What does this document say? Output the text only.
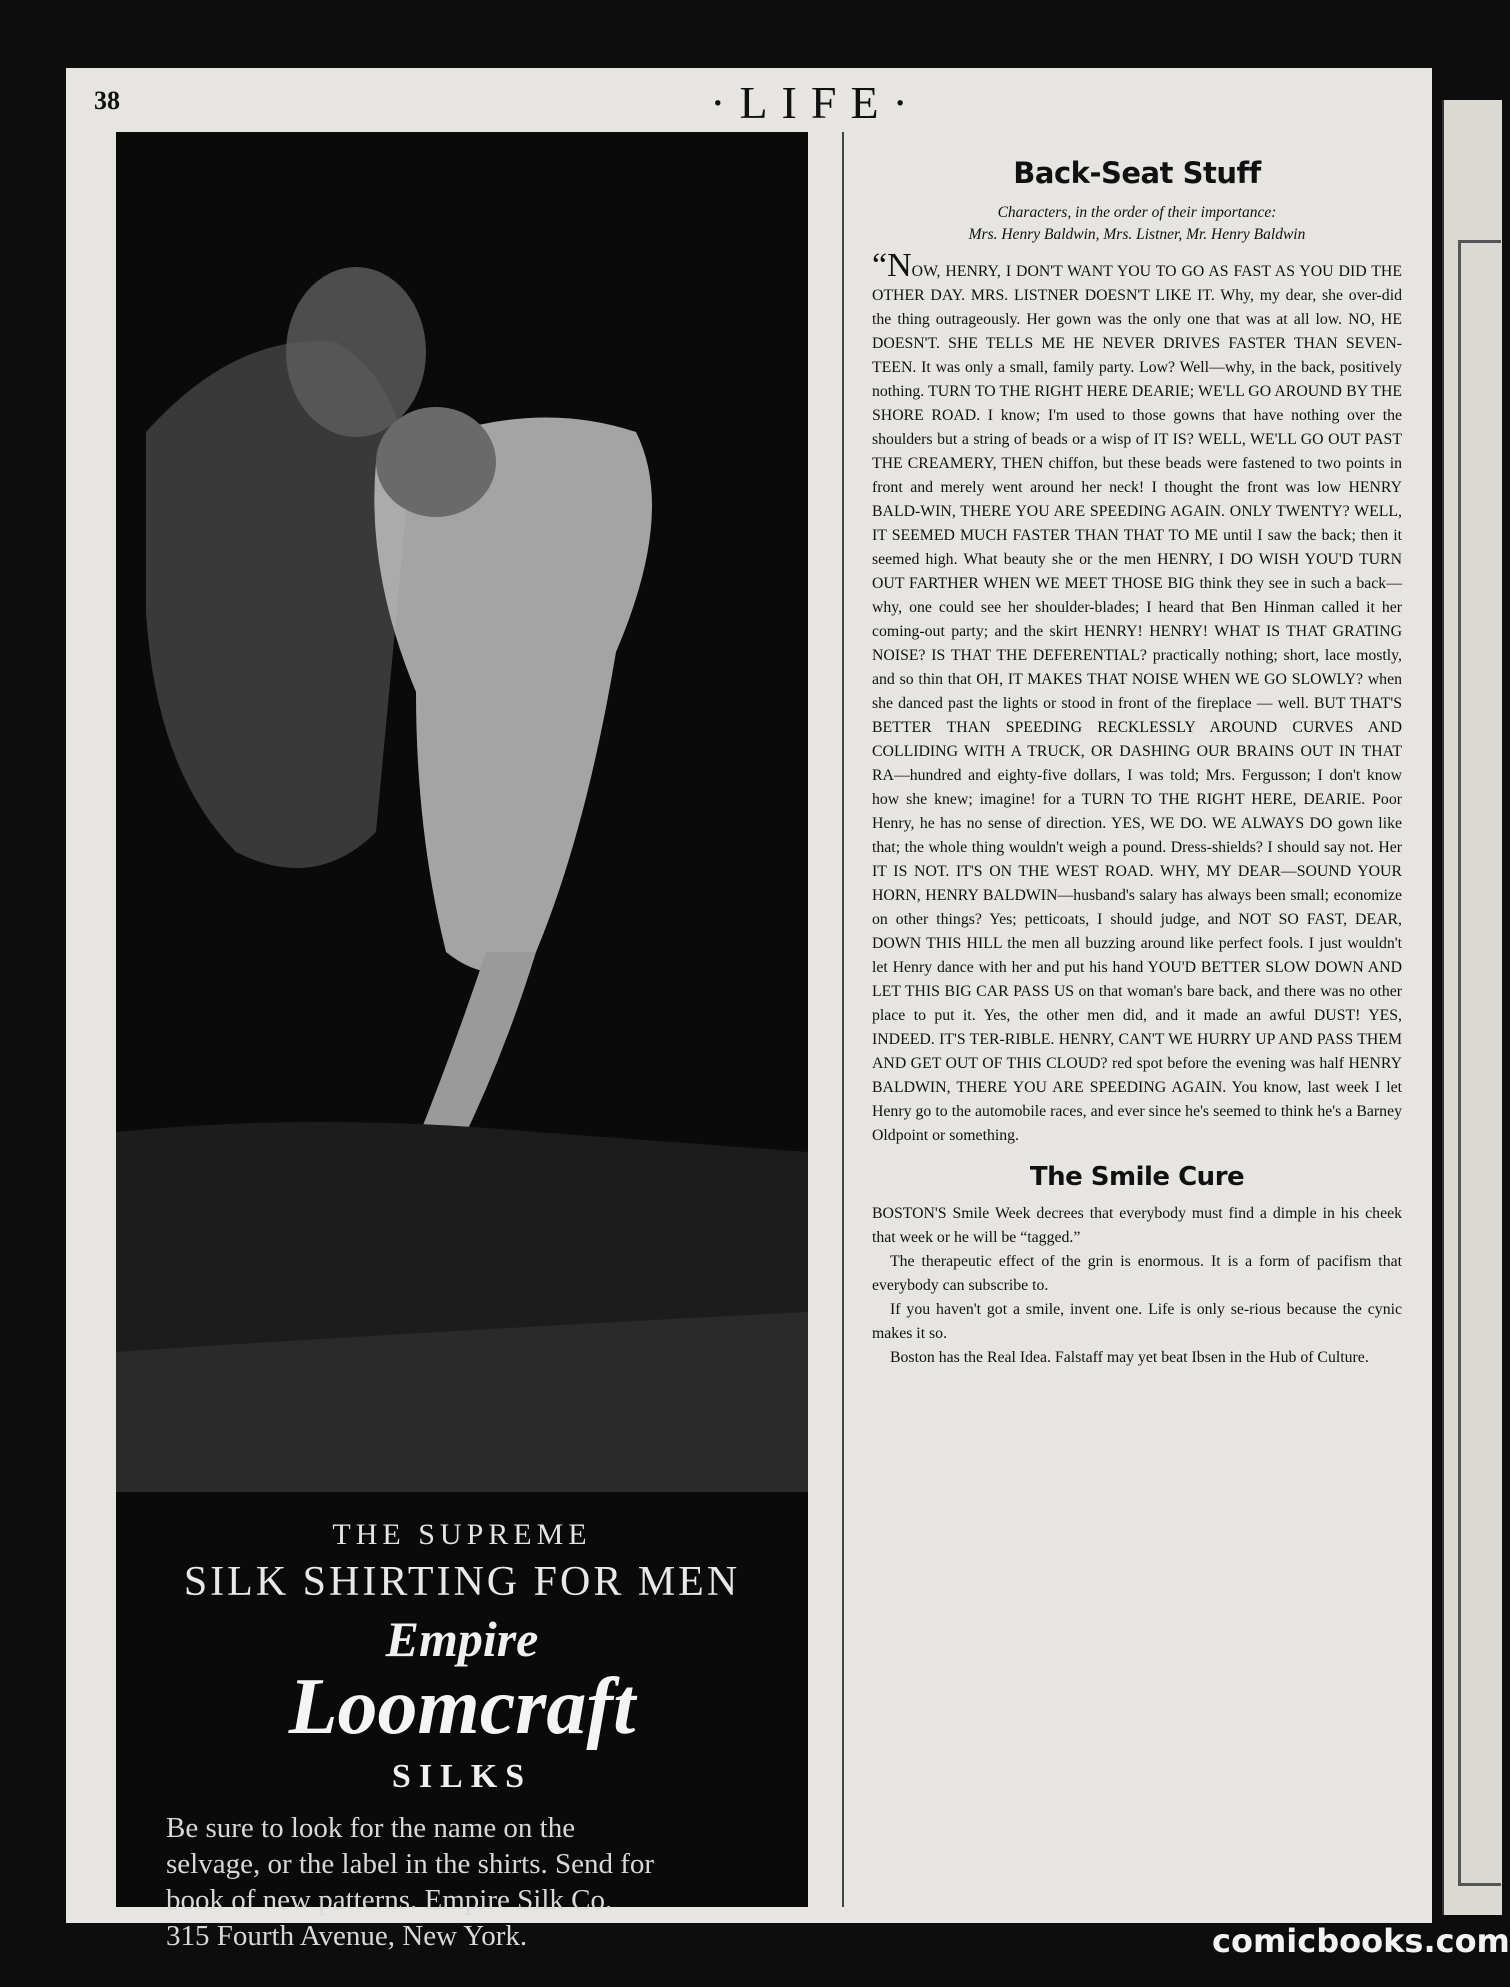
38	·LIFE·
THE SUPREME
SILK SHIRTING FOR MEN
Empire
Loomcraft
SILKS
Be sure to look for the name on the
selvage, or the label in the shirts. Send for
book of new patterns. Empire Silk Co.
315 Fourth Avenue, New York.
Back-Seat Stuff
Characters, in the order of their importance:
Mrs. Henry Baldwin, Mrs. Listner, Mr. Henry Baldwin
“NOW, HENRY, I DON'T WANT YOU TO GO AS FAST AS YOU DID THE OTHER DAY. MRS. LISTNER DOESN'T LIKE IT. Why, my dear, she over-did the thing outrageously. Her gown was the only one that was at all low. NO, HE DOESN'T. SHE TELLS ME HE NEVER DRIVES FASTER THAN SEVEN-TEEN. It was only a small, family party. Low? Well—why, in the back, positively nothing. TURN TO THE RIGHT HERE DEARIE; WE'LL GO AROUND BY THE SHORE ROAD. I know; I'm used to those gowns that have nothing over the shoulders but a string of beads or a wisp of IT IS? WELL, WE'LL GO OUT PAST THE CREAMERY, THEN chiffon, but these beads were fastened to two points in front and merely went around her neck! I thought the front was low HENRY BALD-WIN, THERE YOU ARE SPEEDING AGAIN. ONLY TWENTY? WELL, IT SEEMED MUCH FASTER THAN THAT TO ME until I saw the back; then it seemed high. What beauty she or the men HENRY, I DO WISH YOU'D TURN OUT FARTHER WHEN WE MEET THOSE BIG think they see in such a back—why, one could see her shoulder-blades; I heard that Ben Hinman called it her coming-out party; and the skirt HENRY! HENRY! WHAT IS THAT GRATING NOISE? IS THAT THE DEFERENTIAL? practically nothing; short, lace mostly, and so thin that OH, IT MAKES THAT NOISE WHEN WE GO SLOWLY? when she danced past the lights or stood in front of the fireplace — well. BUT THAT'S BETTER THAN SPEEDING RECKLESSLY AROUND CURVES AND COLLIDING WITH A TRUCK, OR DASHING OUR BRAINS OUT IN THAT RA—hundred and eighty-five dollars, I was told; Mrs. Fergusson; I don't know how she knew; imagine! for a TURN TO THE RIGHT HERE, DEARIE. Poor Henry, he has no sense of direction. YES, WE DO. WE ALWAYS DO gown like that; the whole thing wouldn't weigh a pound. Dress-shields? I should say not. Her IT IS NOT. IT'S ON THE WEST ROAD. WHY, MY DEAR—SOUND YOUR HORN, HENRY BALDWIN—husband's salary has always been small; economize on other things? Yes; petticoats, I should judge, and NOT SO FAST, DEAR, DOWN THIS HILL the men all buzzing around like perfect fools. I just wouldn't let Henry dance with her and put his hand YOU'D BETTER SLOW DOWN AND LET THIS BIG CAR PASS US on that woman's bare back, and there was no other place to put it. Yes, the other men did, and it made an awful DUST! YES, INDEED. IT'S TER-RIBLE. HENRY, CAN'T WE HURRY UP AND PASS THEM AND GET OUT OF THIS CLOUD? red spot before the evening was half HENRY BALDWIN, THERE YOU ARE SPEEDING AGAIN. You know, last week I let Henry go to the automobile races, and ever since he's seemed to think he's a Barney Oldpoint or something.
The Smile Cure

BOSTON'S Smile Week decrees that everybody must find a dimple in his cheek that week or he will be “tagged.”

The therapeutic effect of the grin is enormous. It is a form of pacifism that everybody can subscribe to.

If you haven't got a smile, invent one. Life is only se-rious because the cynic makes it so.

Boston has the Real Idea. Falstaff may yet beat Ibsen in the Hub of Culture.

comicbooks.com
